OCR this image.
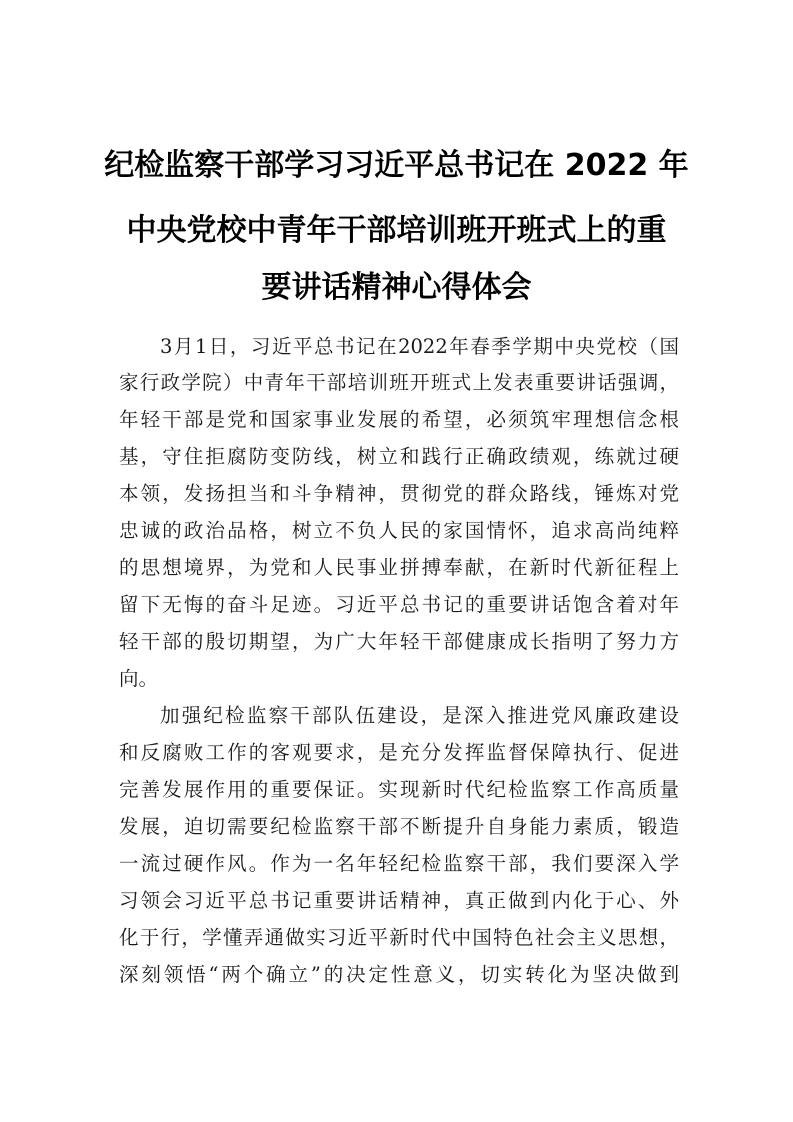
纪检监察干部学习习近平总书记在 2022 年
中央党校中青年干部培训班开班式上的重
要讲话精神心得体会
3月1日，习近平总书记在2022年春季学期中央党校（国
家行政学院）中青年干部培训班开班式上发表重要讲话强调，
年轻干部是党和国家事业发展的希望，必须筑牢理想信念根
基，守住拒腐防变防线，树立和践行正确政绩观，练就过硬
本领，发扬担当和斗争精神，贯彻党的群众路线，锤炼对党
忠诚的政治品格，树立不负人民的家国情怀，追求高尚纯粹
的思想境界，为党和人民事业拼搏奉献，在新时代新征程上
留下无悔的奋斗足迹。习近平总书记的重要讲话饱含着对年
轻干部的殷切期望，为广大年轻干部健康成长指明了努力方
向。
加强纪检监察干部队伍建设，是深入推进党风廉政建设
和反腐败工作的客观要求，是充分发挥监督保障执行、促进
完善发展作用的重要保证。实现新时代纪检监察工作高质量
发展，迫切需要纪检监察干部不断提升自身能力素质，锻造
一流过硬作风。作为一名年轻纪检监察干部，我们要深入学
习领会习近平总书记重要讲话精神，真正做到内化于心、外
化于行，学懂弄通做实习近平新时代中国特色社会主义思想，
深刻领悟“两个确立”的决定性意义，切实转化为坚决做到
